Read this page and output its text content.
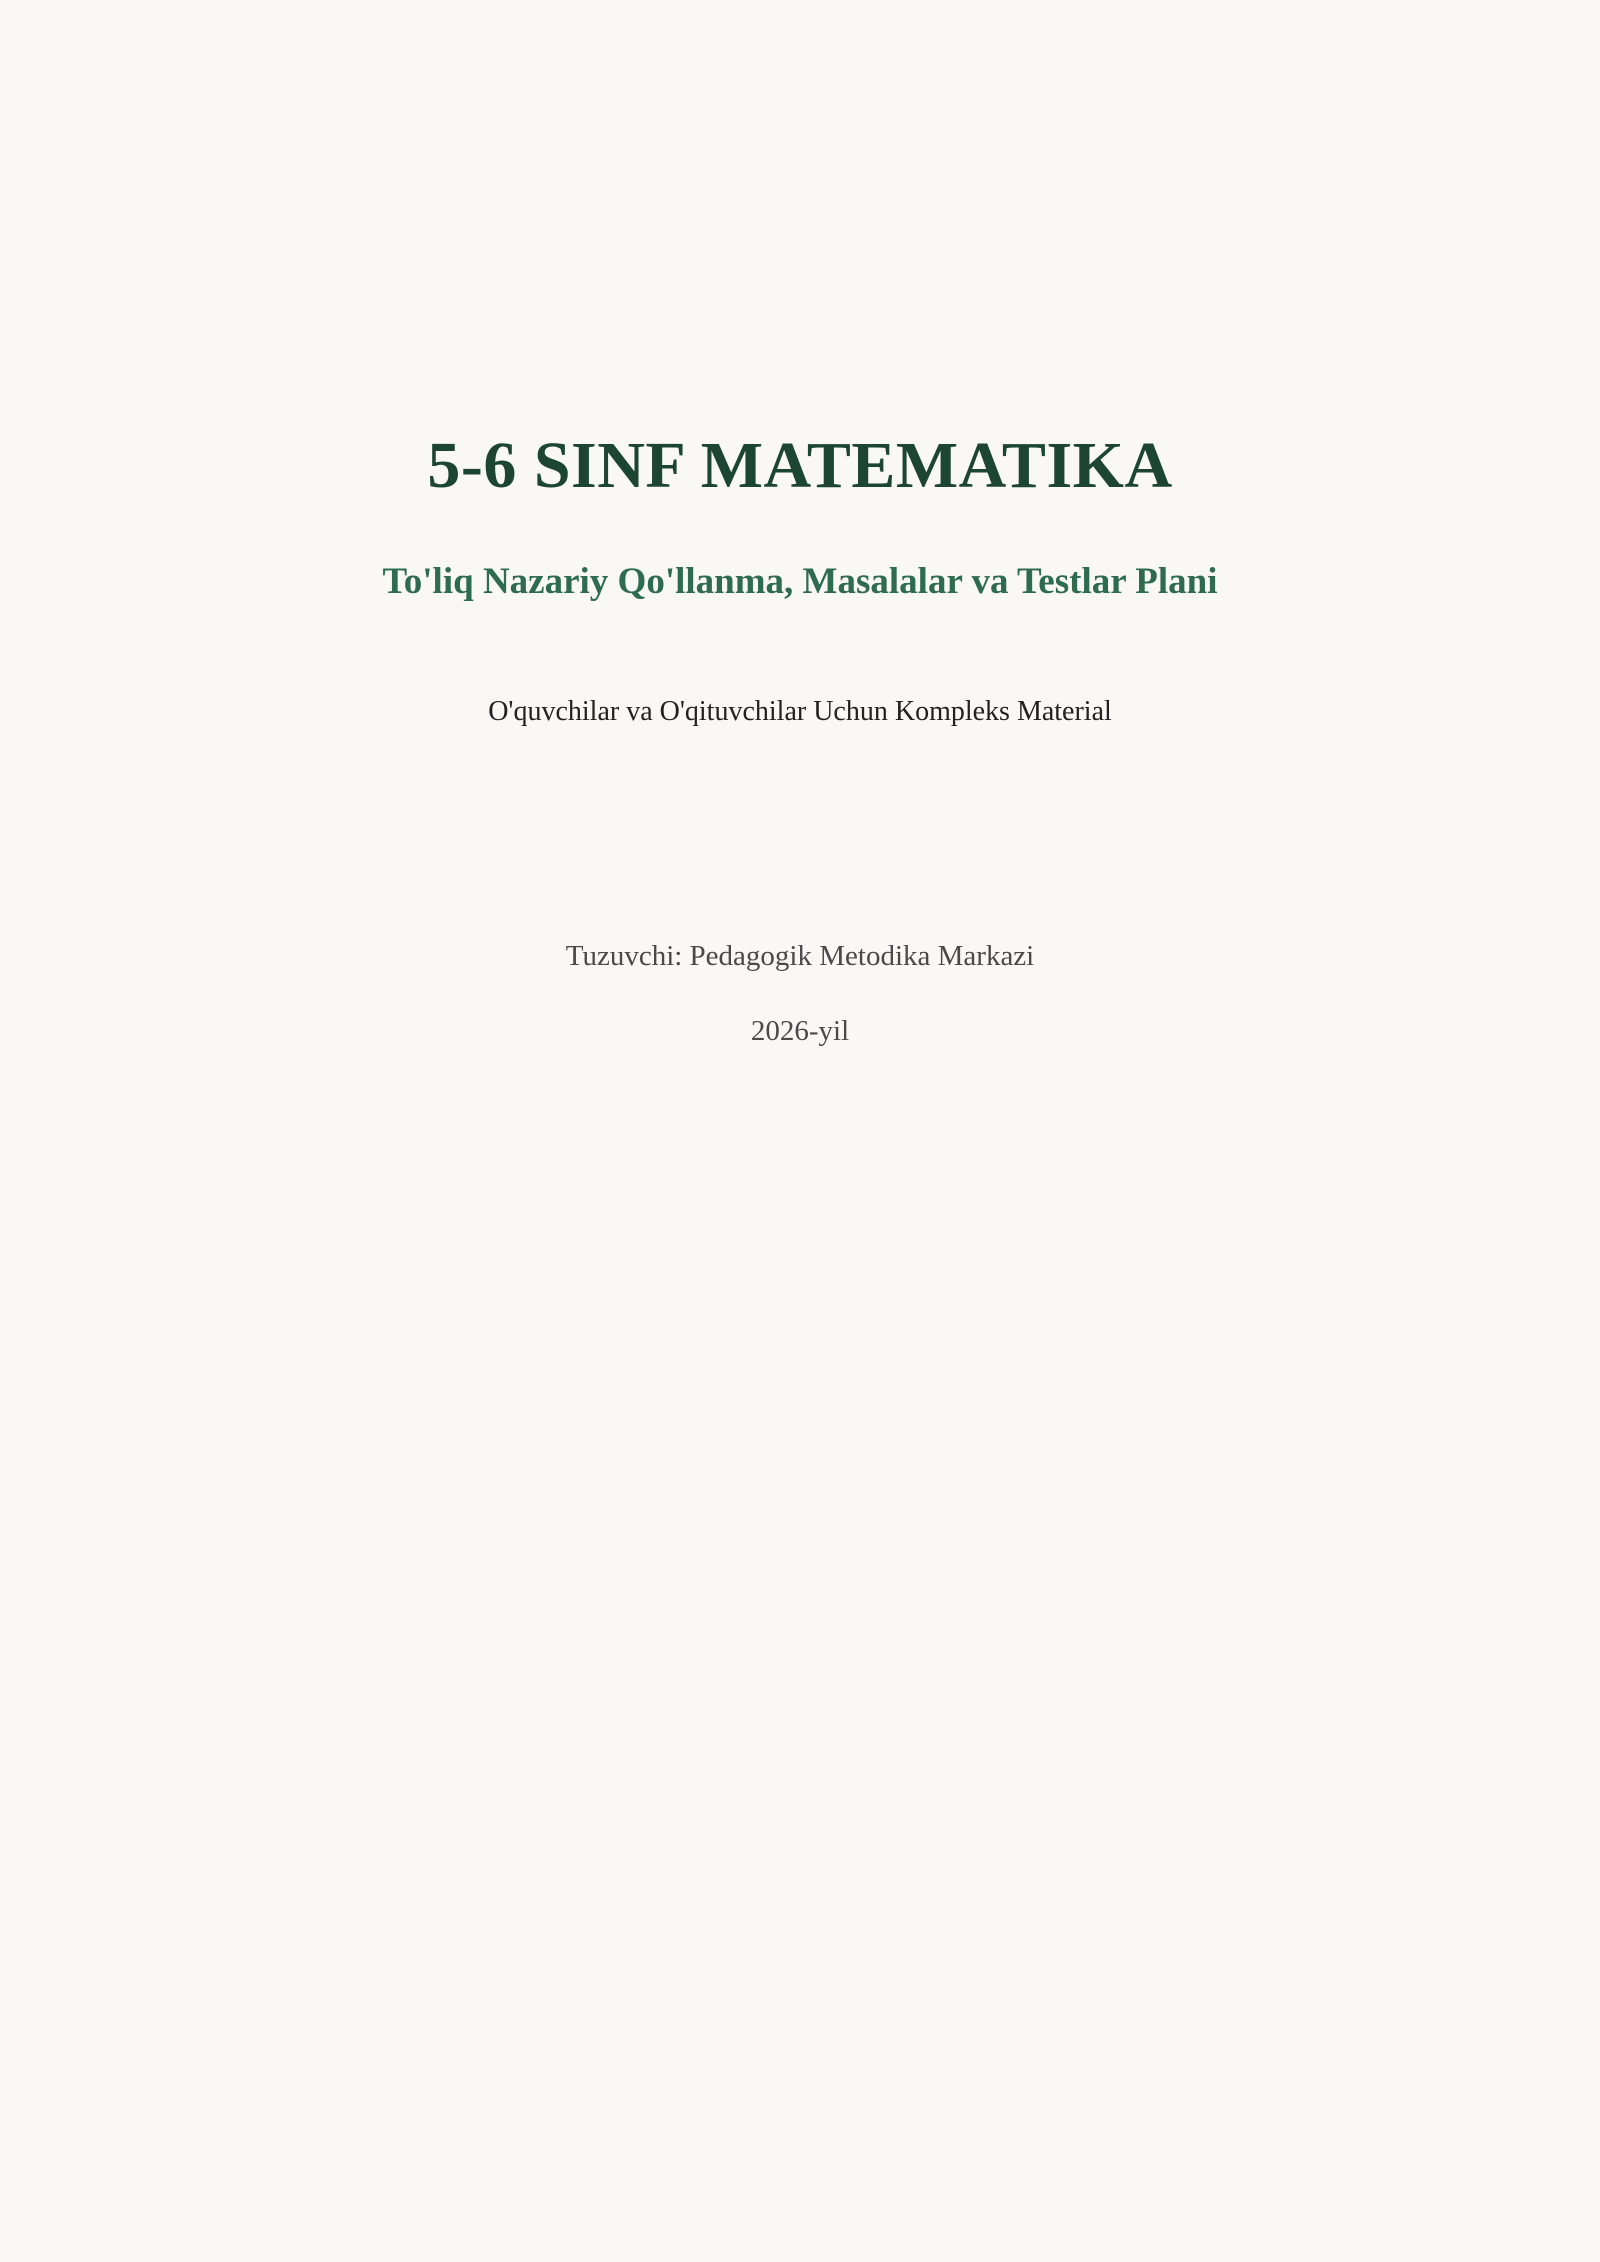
5-6 SINF MATEMATIKA
To'liq Nazariy Qo'llanma, Masalalar va Testlar Plani

O'quvchilar va O'qituvchilar Uchun Kompleks Material

Tuzuvchi: Pedagogik Metodika Markazi

2026-yil
